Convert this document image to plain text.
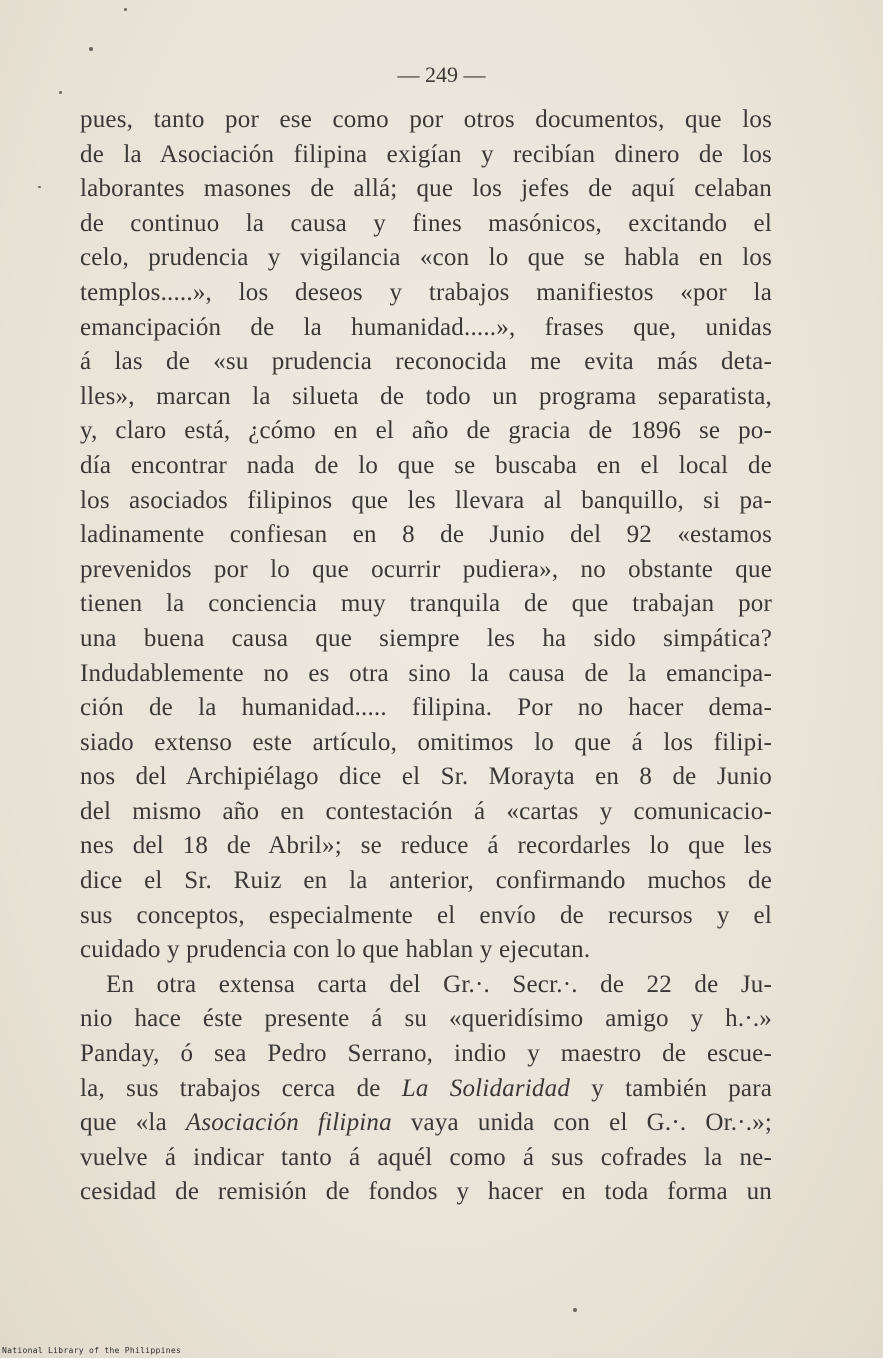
— 249 —
pues, tanto por ese como por otros documentos, que los
de la Asociación filipina exigían y recibían dinero de los
laborantes masones de allá; que los jefes de aquí celaban
de continuo la causa y fines masónicos, excitando el
celo, prudencia y vigilancia «con lo que se habla en los
templos.....», los deseos y trabajos manifiestos «por la
emancipación de la humanidad.....», frases que, unidas
á las de «su prudencia reconocida me evita más deta-
lles», marcan la silueta de todo un programa separatista,
y, claro está, ¿cómo en el año de gracia de 1896 se po-
día encontrar nada de lo que se buscaba en el local de
los asociados filipinos que les llevara al banquillo, si pa-
ladinamente confiesan en 8 de Junio del 92 «estamos
prevenidos por lo que ocurrir pudiera», no obstante que
tienen la conciencia muy tranquila de que trabajan por
una buena causa que siempre les ha sido simpática?
Indudablemente no es otra sino la causa de la emancipa-
ción de la humanidad..... filipina. Por no hacer dema-
siado extenso este artículo, omitimos lo que á los filipi-
nos del Archipiélago dice el Sr. Morayta en 8 de Junio
del mismo año en contestación á «cartas y comunicacio-
nes del 18 de Abril»; se reduce á recordarles lo que les
dice el Sr. Ruiz en la anterior, confirmando muchos de
sus conceptos, especialmente el envío de recursos y el
cuidado y prudencia con lo que hablan y ejecutan.
En otra extensa carta del Gr.·. Secr.·. de 22 de Ju-
nio hace éste presente á su «queridísimo amigo y h.·.»
Panday, ó sea Pedro Serrano, indio y maestro de escue-
la, sus trabajos cerca de La Solidaridad y también para
que «la Asociación filipina vaya unida con el G.·. Or.·.»;
vuelve á indicar tanto á aquél como á sus cofrades la ne-
cesidad de remisión de fondos y hacer en toda forma un
National Library of the Philippines
